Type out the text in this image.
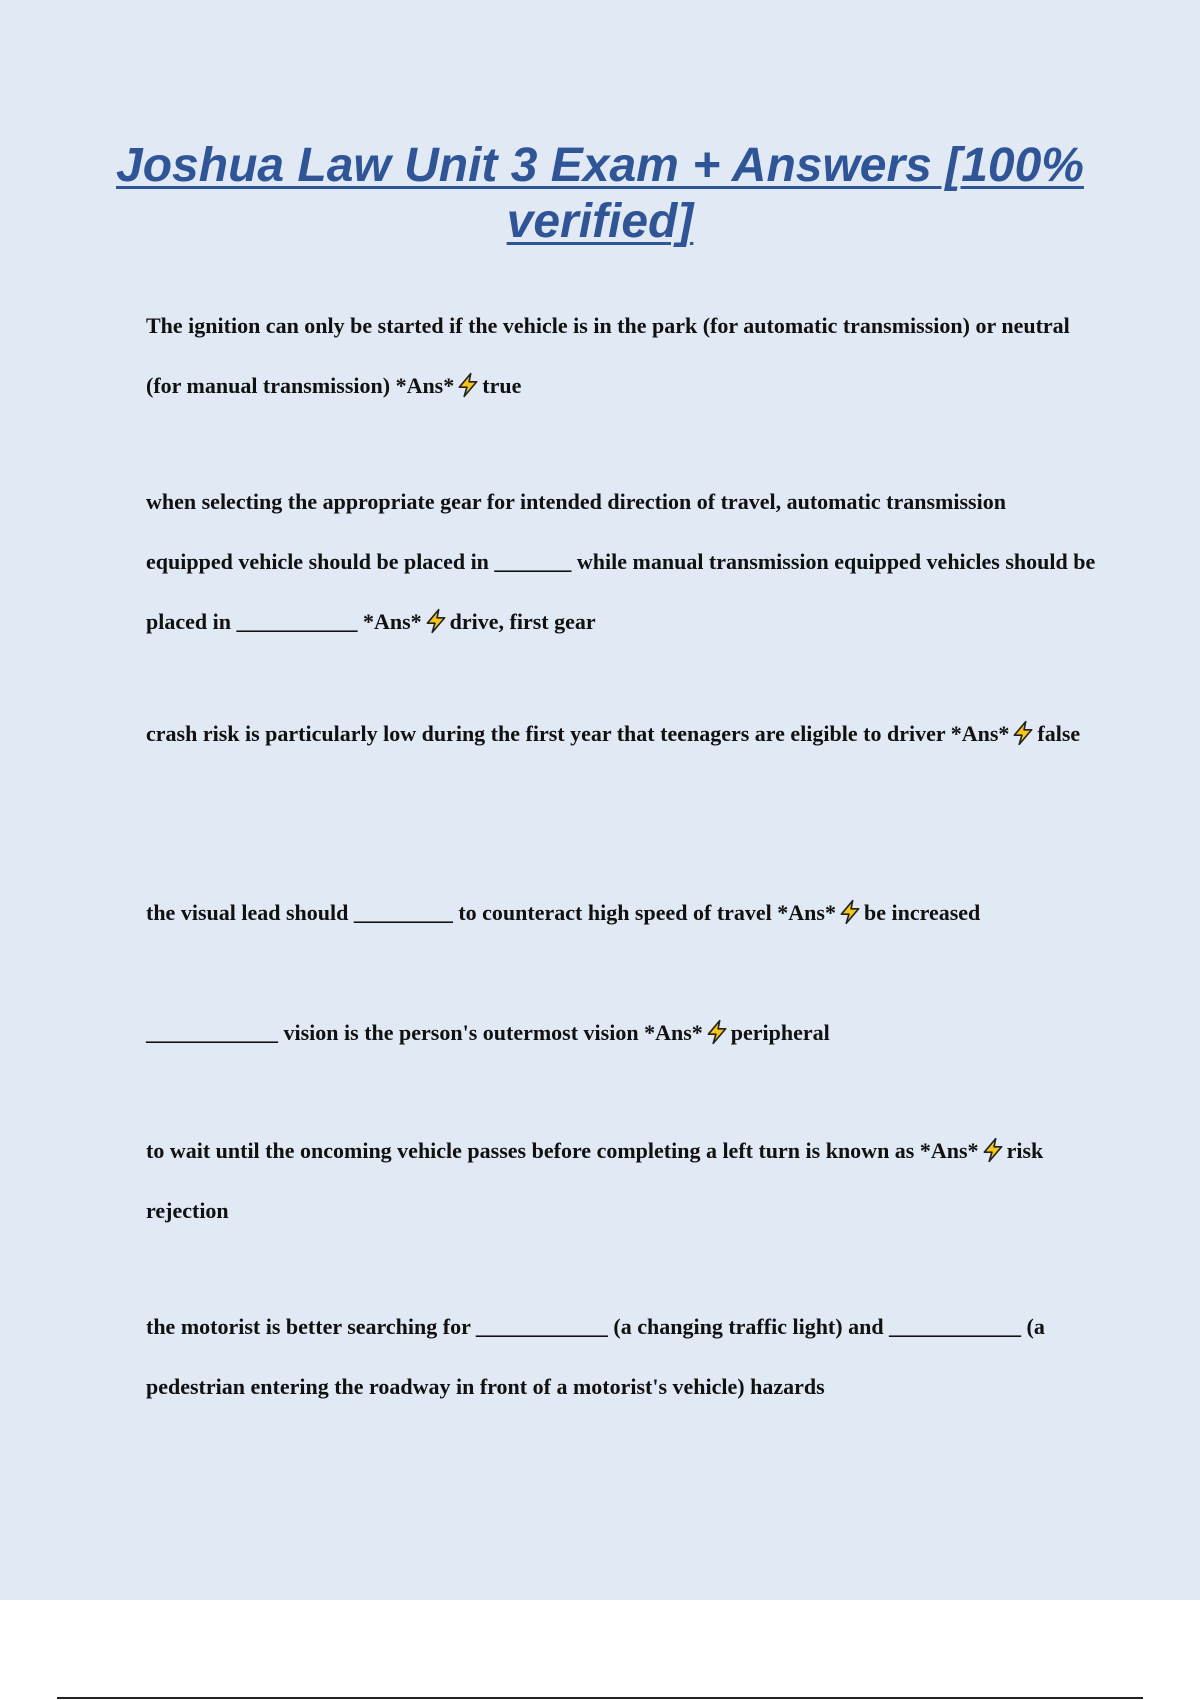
Joshua Law Unit 3 Exam + Answers [100% verified]

The ignition can only be started if the vehicle is in the park (for automatic transmission) or neutral (for manual transmission) *Ans* true

when selecting the appropriate gear for intended direction of travel, automatic transmission equipped vehicle should be placed in _______ while manual transmission equipped vehicles should be placed in ___________ *Ans* drive, first gear

crash risk is particularly low during the first year that teenagers are eligible to driver *Ans* false

the visual lead should _________ to counteract high speed of travel *Ans* be increased

____________ vision is the person's outermost vision *Ans* peripheral

to wait until the oncoming vehicle passes before completing a left turn is known as *Ans* risk rejection

the motorist is better searching for ____________ (a changing traffic light) and ____________ (a pedestrian entering the roadway in front of a motorist's vehicle) hazards
